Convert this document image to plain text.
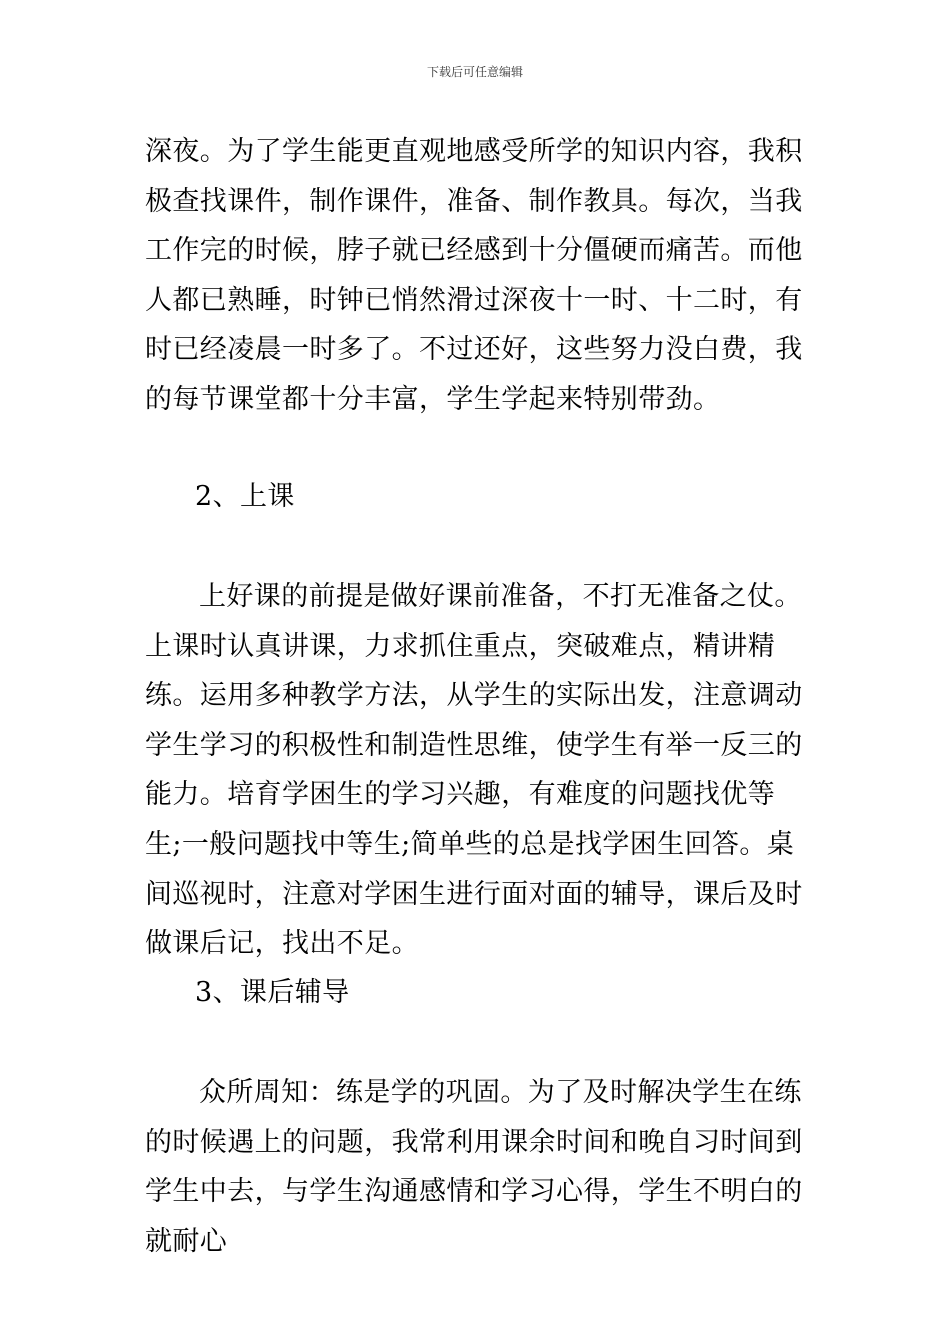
下载后可任意编辑

深夜。为了学生能更直观地感受所学的知识内容，我积极查找课件，制作课件，准备、制作教具。每次，当我工作完的时候，脖子就已经感到十分僵硬而痛苦。而他人都已熟睡，时钟已悄然滑过深夜十一时、十二时，有时已经凌晨一时多了。不过还好，这些努力没白费，我的每节课堂都十分丰富，学生学起来特别带劲。

2、上课

上好课的前提是做好课前准备，不打无准备之仗。上课时认真讲课，力求抓住重点，突破难点，精讲精练。运用多种教学方法，从学生的实际出发，注意调动学生学习的积极性和制造性思维，使学生有举一反三的能力。培育学困生的学习兴趣，有难度的问题找优等生;一般问题找中等生;简单些的总是找学困生回答。桌间巡视时，注意对学困生进行面对面的辅导，课后及时做课后记，找出不足。

3、课后辅导

众所周知：练是学的巩固。为了及时解决学生在练的时候遇上的问题，我常利用课余时间和晚自习时间到学生中去，与学生沟通感情和学习心得，学生不明白的就耐心
